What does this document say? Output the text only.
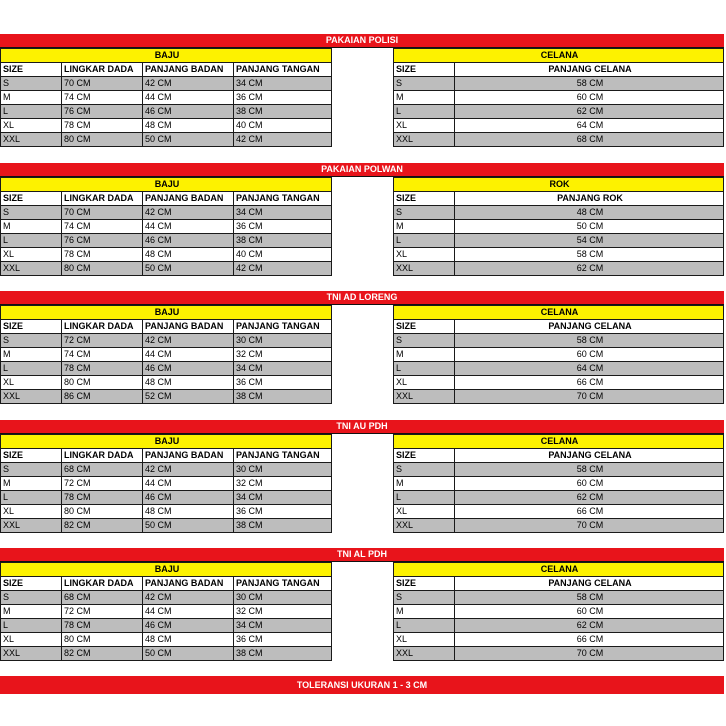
PAKAIAN POLISI
BAJU			
SIZE	LINGKAR DADA	PANJANG BADAN	PANJANG TANGAN
S	70 CM	42 CM	34 CM
M	74 CM	44 CM	36 CM
L	76 CM	46 CM	38 CM
XL	78 CM	48 CM	40 CM
XXL	80 CM	50 CM	42 CM
CELANA	
SIZE	PANJANG CELANA
S	58 CM
M	60 CM
L	62 CM
XL	64 CM
XXL	68 CM
PAKAIAN POLWAN
BAJU			
SIZE	LINGKAR DADA	PANJANG BADAN	PANJANG TANGAN
S	70 CM	42 CM	34 CM
M	74 CM	44 CM	36 CM
L	76 CM	46 CM	38 CM
XL	78 CM	48 CM	40 CM
XXL	80 CM	50 CM	42 CM
ROK	
SIZE	PANJANG ROK
S	48 CM
M	50 CM
L	54 CM
XL	58 CM
XXL	62 CM
TNI AD LORENG
BAJU			
SIZE	LINGKAR DADA	PANJANG BADAN	PANJANG TANGAN
S	72 CM	42 CM	30 CM
M	74 CM	44 CM	32 CM
L	78 CM	46 CM	34 CM
XL	80 CM	48 CM	36 CM
XXL	86 CM	52 CM	38 CM
CELANA	
SIZE	PANJANG CELANA
S	58 CM
M	60 CM
L	64 CM
XL	66 CM
XXL	70 CM
TNI AU PDH
BAJU			
SIZE	LINGKAR DADA	PANJANG BADAN	PANJANG TANGAN
S	68 CM	42 CM	30 CM
M	72 CM	44 CM	32 CM
L	78 CM	46 CM	34 CM
XL	80 CM	48 CM	36 CM
XXL	82 CM	50 CM	38 CM
CELANA	
SIZE	PANJANG CELANA
S	58 CM
M	60 CM
L	62 CM
XL	66 CM
XXL	70 CM
TNI AL PDH
BAJU			
SIZE	LINGKAR DADA	PANJANG BADAN	PANJANG TANGAN
S	68 CM	42 CM	30 CM
M	72 CM	44 CM	32 CM
L	78 CM	46 CM	34 CM
XL	80 CM	48 CM	36 CM
XXL	82 CM	50 CM	38 CM
CELANA	
SIZE	PANJANG CELANA
S	58 CM
M	60 CM
L	62 CM
XL	66 CM
XXL	70 CM
TOLERANSI UKURAN 1 - 3 CM
